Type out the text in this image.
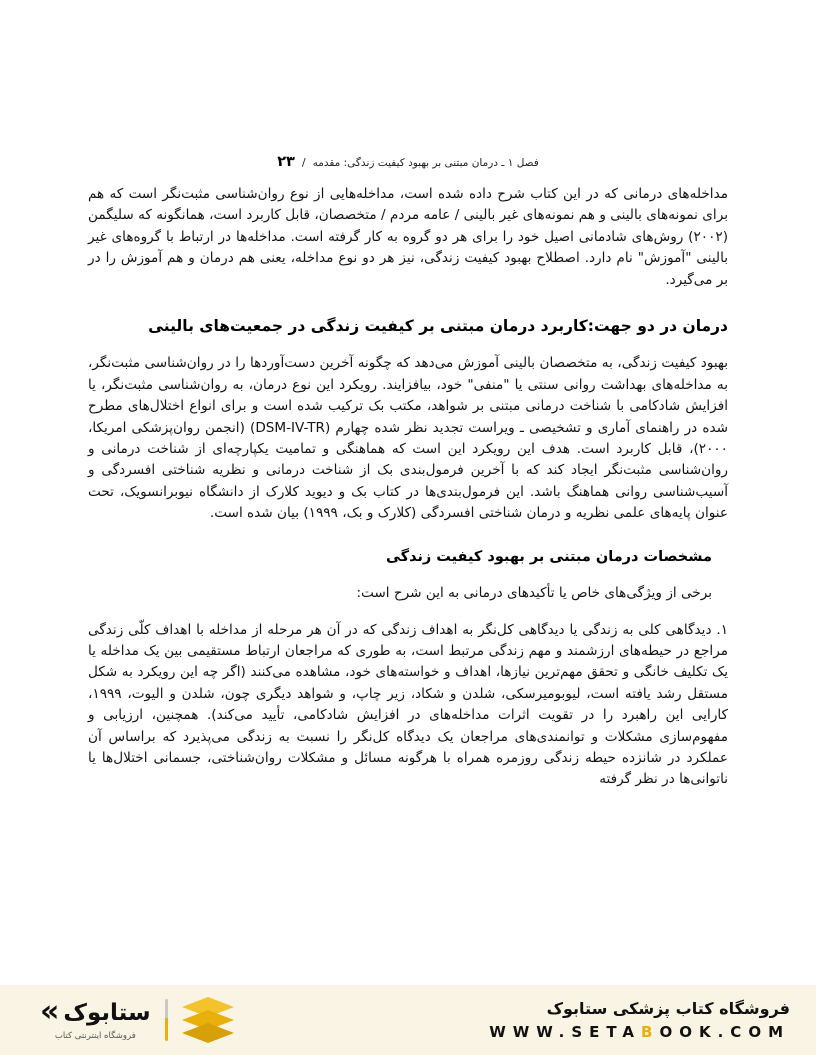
فصل ۱ ـ درمان مبتنی بر بهبود کیفیت زندگی: مقدمه
/
۲۳

مداخله‌های درمانی که در این کتاب شرح داده شده است، مداخله‌هایی از نوع روان‌شناسی مثبت‌نگر است که هم برای نمونه‌های بالینی و هم نمونه‌های غیر بالینی / عامه مردم / متخصصان، قابل کاربرد است، همانگونه که سلیگمن (۲۰۰۲) روش‌های شادمانی اصیل خود را برای هر دو گروه به کار گرفته است. مداخله‌ها در ارتباط با گروه‌های غیر بالینی "آموزش" نام دارد. اصطلاح بهبود کیفیت زندگی، نیز هر دو نوع مداخله، یعنی هم درمان و هم آموزش را در بر می‌گیرد.

درمان در دو جهت:کاربرد درمان مبتنی بر کیفیت زندگی در جمعیت‌های بالینی

بهبود کیفیت زندگی، به متخصصان بالینی آموزش می‌دهد که چگونه آخرین دست‌آوردها را در روان‌شناسی مثبت‌نگر، به مداخله‌های بهداشت روانی سنتی یا "منفی" خود، بیافزایند. رویکرد این نوع درمان، به روان‌شناسی مثبت‌نگر، یا افزایش شادکامی با شناخت درمانی مبتنی بر شواهد، مکتب بک ترکیب شده است و برای انواع اختلال‌های مطرح شده در راهنمای آماری و تشخیصی ـ ویراست تجدید نظر شده چهارم (DSM-IV-TR) (انجمن روان‌پزشکی امریکا، ۲۰۰۰)، قابل کاربرد است. هدف این رویکرد این است که هماهنگی و تمامیت یکپارچه‌ای از شناخت درمانی و روان‌شناسی مثبت‌نگر ایجاد کند که با آخرین فرمول‌بندی بک از شناخت درمانی و نظریه شناختی افسردگی و آسیب‌شناسی روانی هماهنگ باشد. این فرمول‌بندی‌ها در کتاب بک و دیوید کلارک از دانشگاه نیوبرانسویک، تحت عنوان پایه‌های علمی نظریه و درمان شناختی افسردگی (کلارک و بک، ۱۹۹۹) بیان شده است.

مشخصات درمان مبتنی بر بهبود کیفیت زندگی

برخی از ویژگی‌های خاص یا تأکیدهای درمانی به این شرح است:

۱. دیدگاهی کلی به زندگی یا دیدگاهی کل‌نگر به اهداف زندگی که در آن هر مرحله از مداخله با اهداف کلّی زندگی مراجع در حیطه‌های ارزشمند و مهم زندگی مرتبط است، به طوری که مراجعان ارتباط مستقیمی بین یک مداخله یا یک تکلیف خانگی و تحقق مهم‌ترین نیازها، اهداف و خواسته‌های خود، مشاهده می‌کنند (اگر چه این رویکرد به شکل مستقل رشد یافته است، لیوبومیرسکی، شلدن و شکاد، زیر چاپ، و شواهد دیگری چون، شلدن و الیوت، ۱۹۹۹، کارایی این راهبرد را در تقویت اثرات مداخله‌های در افزایش شادکامی، تأیید می‌کند). همچنین، ارزیابی و مفهوم‌سازی مشکلات و توانمندی‌های مراجعان یک دیدگاه کل‌نگر را نسبت به زندگی می‌پذیرد که براساس آن عملکرد در شانزده حیطه زندگی روزمره همراه با هرگونه مسائل و مشکلات روان‌شناختی، جسمانی اختلال‌ها یا ناتوانی‌ها در نظر گرفته

« ستابوک
فروشگاه اینترنتی کتاب
فروشگاه کتاب پزشکی ستابوک
WWW.SETABOOK.COM
